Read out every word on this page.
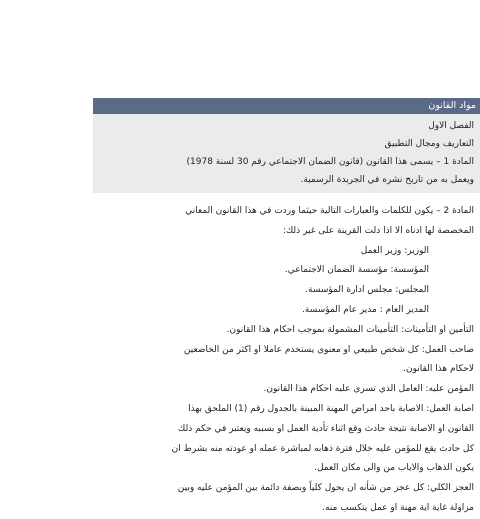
مواد القانون
الفصل الاول
التعاريف ومجال التطبيق
المادة 1 – يسمى هذا القانون (قانون الضمان الاجتماعي رقم 30 لسنة 1978)
ويعمل به من تاريخ نشره في الجريدة الرسمية.
المادة 2 – يكون للكلمات والعبارات التالية حيثما وردت في هذا القانون المعاني
المخصصة لها ادناه الا اذا دلت القرينة على غير ذلك:
الوزير: وزير العمل
المؤسسة: مؤسسة الضمان الاجتماعي.
المجلس: مجلس ادارة المؤسسة.
المدير العام : مدير عام المؤسسة.
التأمين او التأمينات: التأمينات المشمولة بموجب احكام هذا القانون.
صاحب العمل: كل شخص طبيعي او معنوي يستخدم عاملا او اكثر من الخاضعين
لاحكام هذا القانون.
المؤمن عليه: العامل الذي تسري عليه احكام هذا القانون.
اصابة العمل: الاصابة باحد امراض المهنة المبينة بالجدول رقم (1) الملحق بهذا
القانون او الاصابة نتيجة حادث وقع اثناء تأدية العمل او بسببه ويعتبر في حكم ذلك
كل حادث يقع للمؤمن عليه خلال فترة ذهابه لمباشرة عمله او عودته منه بشرط ان
يكون الذهاب والاياب من والى مكان العمل.
العجز الكلي: كل عجز من شأنه ان يحول كلياً وبصفة دائمة بين المؤمن عليه وبين
مزاولة غاية اية مهنة او عمل يتكسب منه.
